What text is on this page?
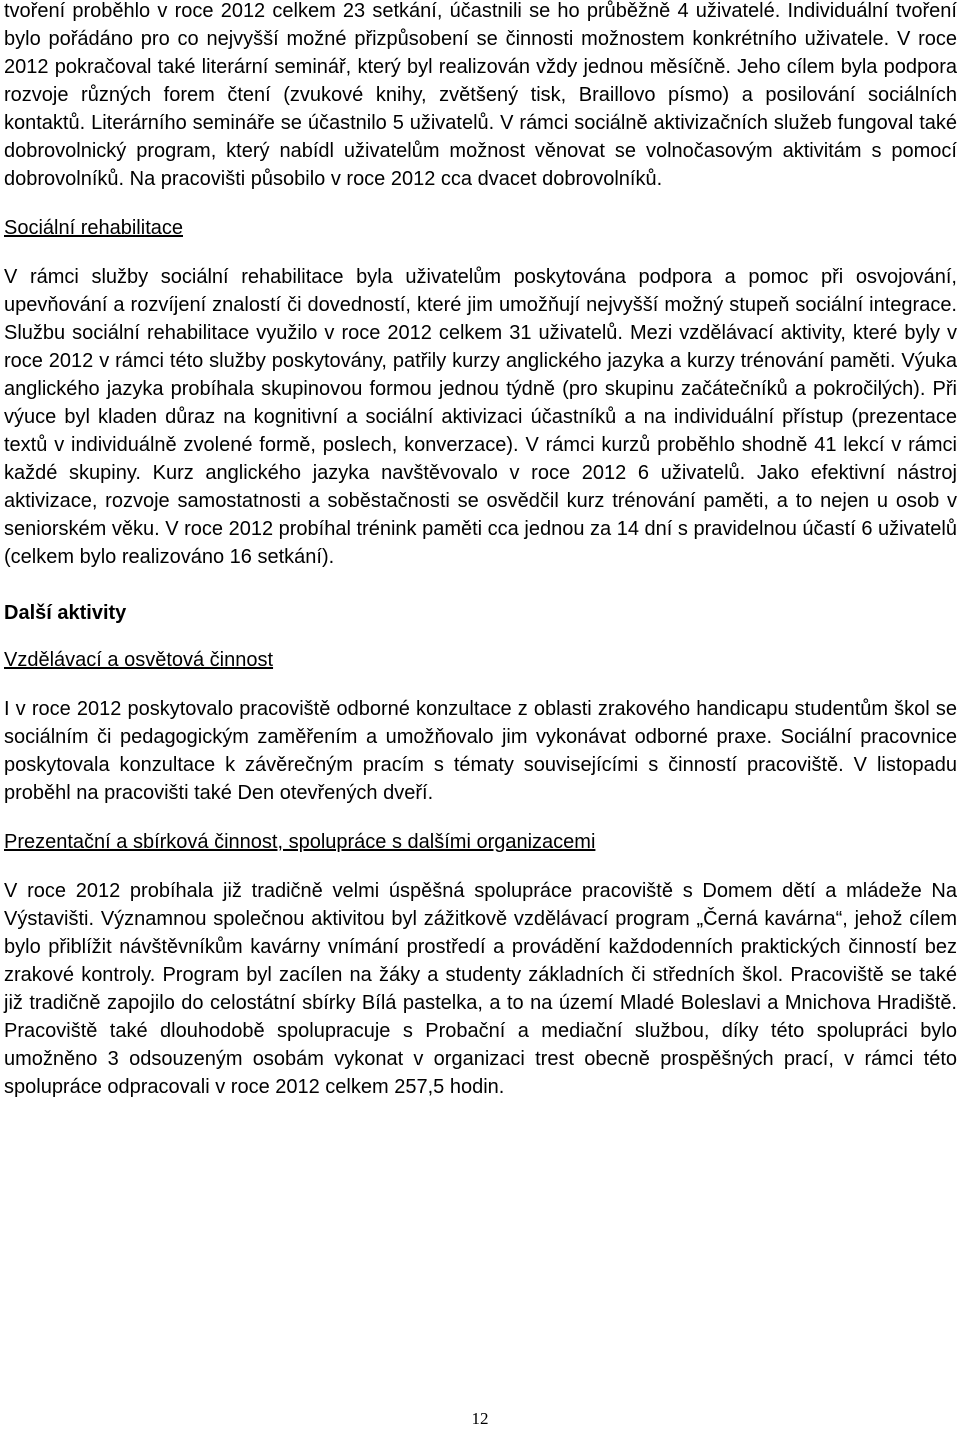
tvoření proběhlo v roce 2012 celkem 23 setkání, účastnili se ho průběžně 4 uživatelé. Individuální tvoření bylo pořádáno pro co nejvyšší možné přizpůsobení se činnosti možnostem konkrétního uživatele. V roce 2012 pokračoval také literární seminář, který byl realizován vždy jednou měsíčně. Jeho cílem byla podpora rozvoje různých forem čtení (zvukové knihy, zvětšený tisk, Braillovo písmo) a posilování sociálních kontaktů. Literárního semináře se účastnilo 5 uživatelů. V rámci sociálně aktivizačních služeb fungoval také dobrovolnický program, který nabídl uživatelům možnost věnovat se volnočasovým aktivitám s pomocí dobrovolníků. Na pracovišti působilo v roce 2012 cca dvacet dobrovolníků.

Sociální rehabilitace

V rámci služby sociální rehabilitace byla uživatelům poskytována podpora a pomoc při osvojování, upevňování a rozvíjení znalostí či dovedností, které jim umožňují nejvyšší možný stupeň sociální integrace. Službu sociální rehabilitace využilo v roce 2012 celkem 31 uživatelů. Mezi vzdělávací aktivity, které byly v roce 2012 v rámci této služby poskytovány, patřily kurzy anglického jazyka a kurzy trénování paměti. Výuka anglického jazyka probíhala skupinovou formou jednou týdně (pro skupinu začátečníků a pokročilých). Při výuce byl kladen důraz na kognitivní a sociální aktivizaci účastníků a na individuální přístup (prezentace textů v individuálně zvolené formě, poslech, konverzace). V rámci kurzů proběhlo shodně 41 lekcí v rámci každé skupiny. Kurz anglického jazyka navštěvovalo v roce 2012 6 uživatelů. Jako efektivní nástroj aktivizace, rozvoje samostatnosti a soběstačnosti se osvědčil kurz trénování paměti, a to nejen u osob v seniorském věku. V roce 2012 probíhal trénink paměti cca jednou za 14 dní s pravidelnou účastí 6 uživatelů (celkem bylo realizováno 16 setkání).

Další aktivity

Vzdělávací a osvětová činnost

I v roce 2012 poskytovalo pracoviště odborné konzultace z oblasti zrakového handicapu studentům škol se sociálním či pedagogickým zaměřením a umožňovalo jim vykonávat odborné praxe. Sociální pracovnice poskytovala konzultace k závěrečným pracím s tématy souvisejícími s činností pracoviště. V listopadu proběhl na pracovišti také Den otevřených dveří.

Prezentační a sbírková činnost, spolupráce s dalšími organizacemi

V roce 2012 probíhala již tradičně velmi úspěšná spolupráce pracoviště s Domem dětí a mládeže Na Výstavišti. Významnou společnou aktivitou byl zážitkově vzdělávací program „Černá kavárna“, jehož cílem bylo přiblížit návštěvníkům kavárny vnímání prostředí a provádění každodenních praktických činností bez zrakové kontroly. Program byl zacílen na žáky a studenty základních či středních škol. Pracoviště se také již tradičně zapojilo do celostátní sbírky Bílá pastelka, a to na území Mladé Boleslavi a Mnichova Hradiště. Pracoviště také dlouhodobě spolupracuje s Probační a mediační službou, díky této spolupráci bylo umožněno 3 odsouzeným osobám vykonat v organizaci trest obecně prospěšných prací, v rámci této spolupráce odpracovali v roce 2012 celkem 257,5 hodin.

12
